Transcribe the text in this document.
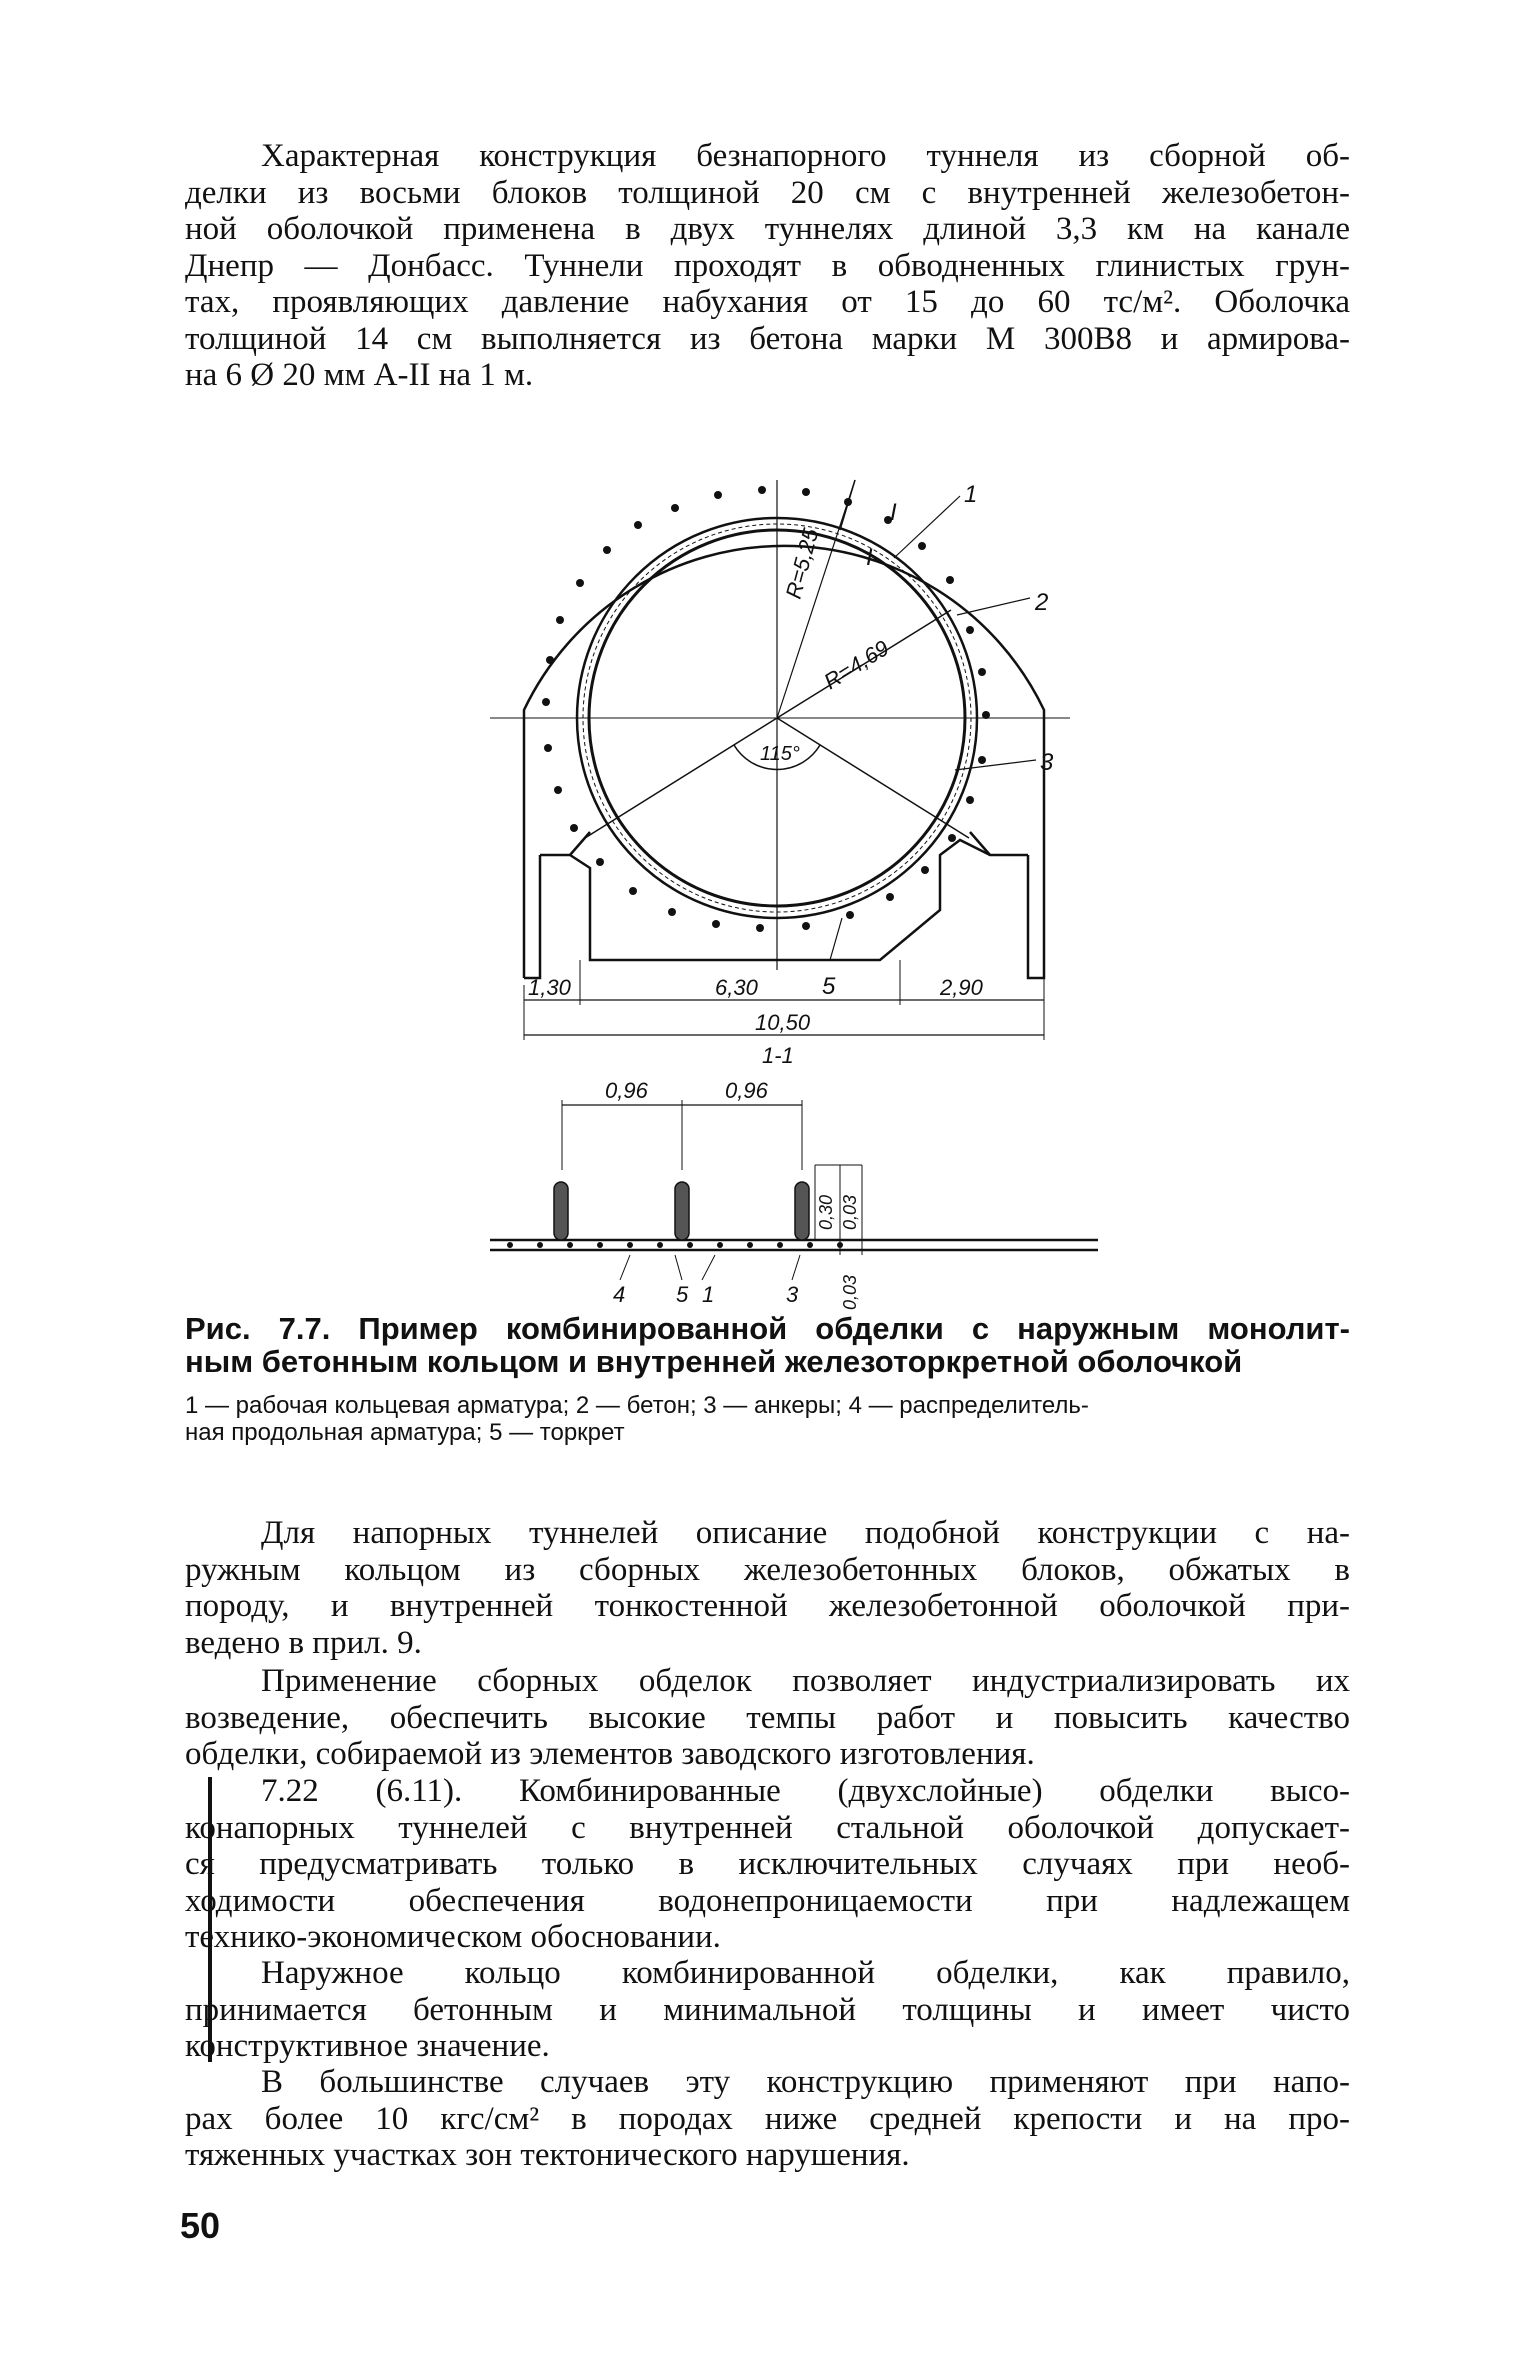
Характерная конструкция безнапорного туннеля из сборной об-
делки из восьми блоков толщиной 20 см с внутренней железобетон-
ной оболочкой применена в двух туннелях длиной 3,3 км на канале
Днепр — Донбасс. Туннели проходят в обводненных глинистых грун-
тах, проявляющих давление набухания от 15 до 60 тс/м². Оболочка
толщиной 14 см выполняется из бетона марки М 300В8 и армирова-
на 6 Ø 20 мм А-II на 1 м.
R=5,25
R=4,69
115°
1
2
3
5
I
I
1,30	6,30	2,90
10,50
1-1
0,96	0,96
0,30 0,03
0,03
4 5 1	3
Рис. 7.7. Пример комбинированной обделки с наружным монолит-
ным бетонным кольцом и внутренней железоторкретной оболочкой
1 — рабочая кольцевая арматура; 2 — бетон; 3 — анкеры; 4 — распределитель-
ная продольная арматура; 5 — торкрет
Для напорных туннелей описание подобной конструкции с на-
ружным кольцом из сборных железобетонных блоков, обжатых в
породу, и внутренней тонкостенной железобетонной оболочкой при-
ведено в прил. 9.
Применение сборных обделок позволяет индустриализировать их
возведение, обеспечить высокие темпы работ и повысить качество
обделки, собираемой из элементов заводского изготовления.
7.22 (6.11). Комбинированные (двухслойные) обделки высо-
конапорных туннелей с внутренней стальной оболочкой допускает-
ся предусматривать только в исключительных случаях при необ-
ходимости обеспечения водонепроницаемости при надлежащем
технико-экономическом обосновании.
Наружное кольцо комбинированной обделки, как правило,
принимается бетонным и минимальной толщины и имеет чисто
конструктивное значение.
В большинстве случаев эту конструкцию применяют при напо-
рах более 10 кгс/см² в породах ниже средней крепости и на про-
тяженных участках зон тектонического нарушения.
50
